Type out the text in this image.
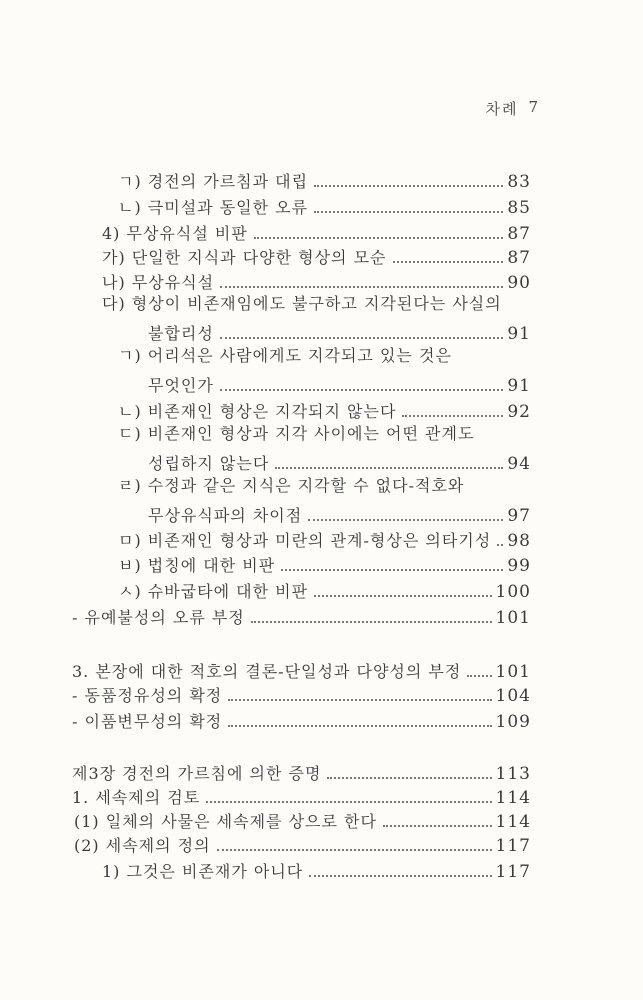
차례 7
ㄱ) 경전의 가르침과 대립	83
ㄴ) 극미설과 동일한 오류	85
4) 무상유식설 비판	87
가) 단일한 지식과 다양한 형상의 모순	87
나) 무상유식설	90
다) 형상이 비존재임에도 불구하고 지각된다는 사실의
불합리성	91
ㄱ) 어리석은 사람에게도 지각되고 있는 것은
무엇인가	91
ㄴ) 비존재인 형상은 지각되지 않는다	92
ㄷ) 비존재인 형상과 지각 사이에는 어떤 관계도
성립하지 않는다	94
ㄹ) 수정과 같은 지식은 지각할 수 없다-적호와
무상유식파의 차이점	97
ㅁ) 비존재인 형상과 미란의 관계-형상은 의타기성 98
ㅂ) 법칭에 대한 비판	99
ㅅ) 슈바굽타에 대한 비판	100
- 유예불성의 오류 부정	101
3. 본장에 대한 적호의 결론-단일성과 다양성의 부정 101
- 동품정유성의 확정	104
- 이품변무성의 확정	109
제3장 경전의 가르침에 의한 증명	113
1. 세속제의 검토	114
(1) 일체의 사물은 세속제를 상으로 한다	114
(2) 세속제의 정의	117
1) 그것은 비존재가 아니다	117
